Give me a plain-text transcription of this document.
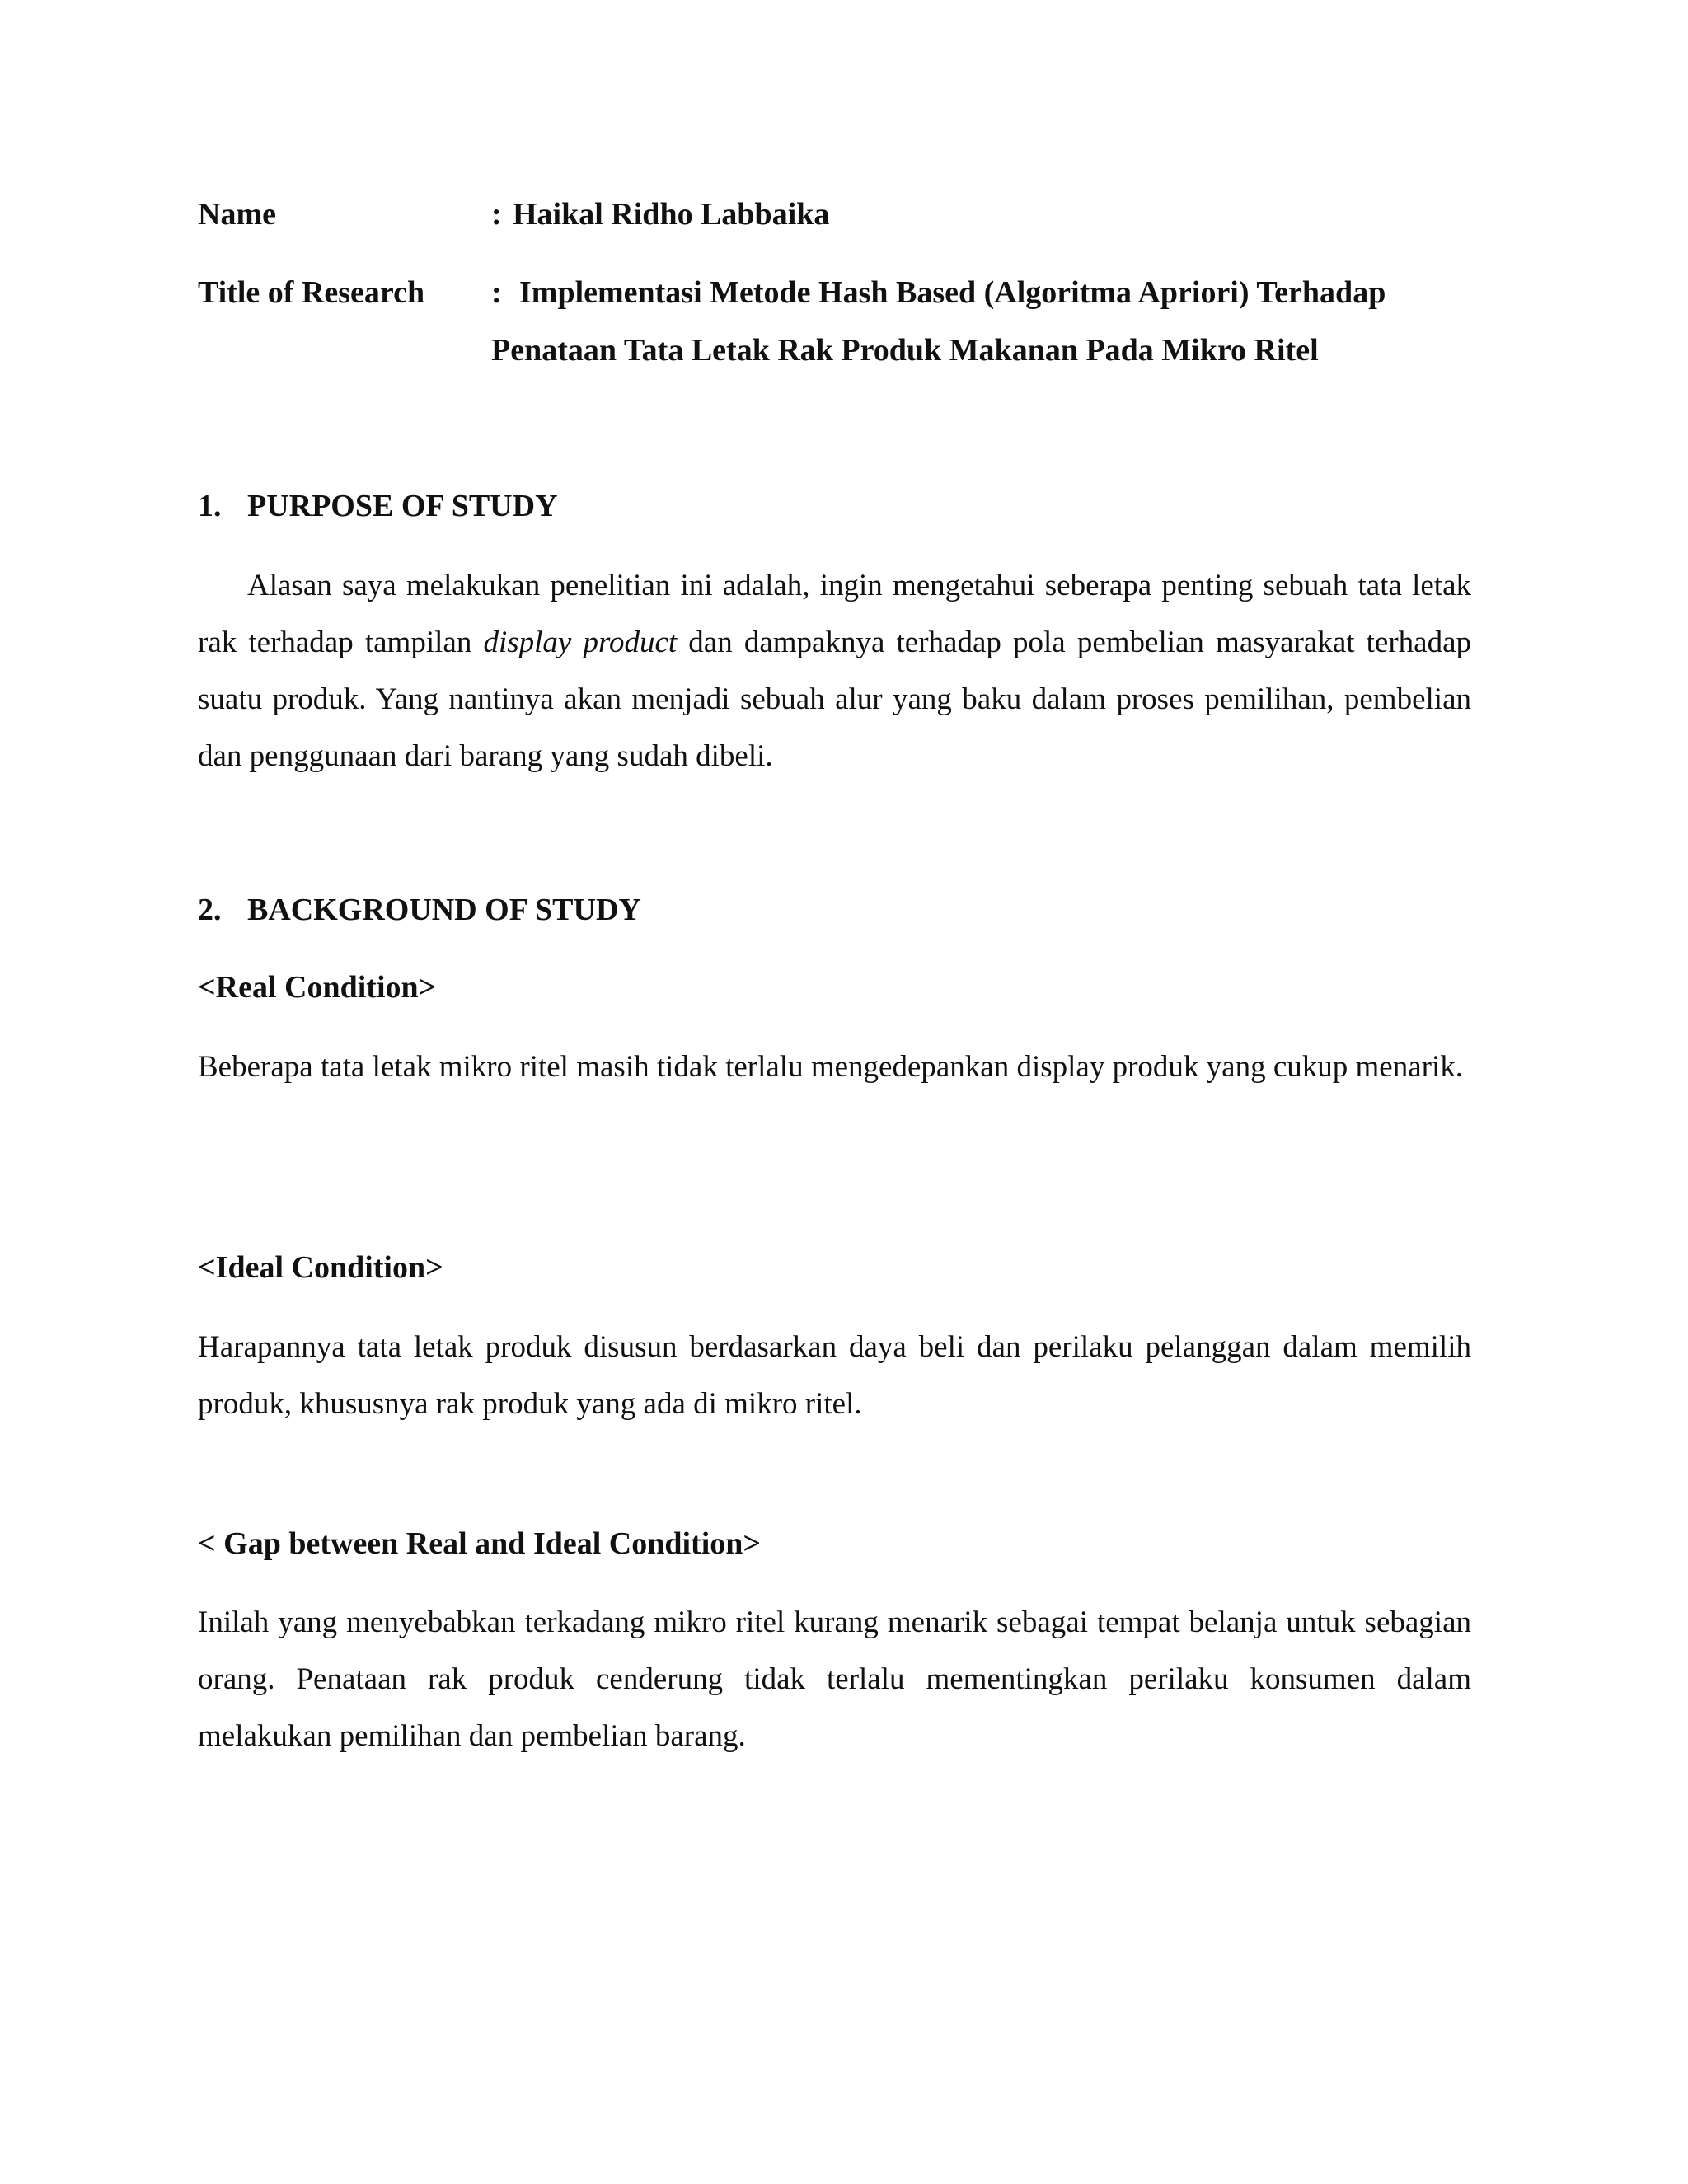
Name	: Haikal Ridho Labbaika

Title of Research : Implementasi Metode Hash Based (Algoritma Apriori) Terhadap Penataan Tata Letak Rak Produk Makanan Pada Mikro Ritel

1. PURPOSE OF STUDY

Alasan saya melakukan penelitian ini adalah, ingin mengetahui seberapa penting sebuah tata letak rak terhadap tampilan display product dan dampaknya terhadap pola pembelian masyarakat terhadap suatu produk. Yang nantinya akan menjadi sebuah alur yang baku dalam proses pemilihan, pembelian dan penggunaan dari barang yang sudah dibeli.

2. BACKGROUND OF STUDY

<Real Condition>

Beberapa tata letak mikro ritel masih tidak terlalu mengedepankan display produk yang cukup menarik.

<Ideal Condition>

Harapannya tata letak produk disusun berdasarkan daya beli dan perilaku pelanggan dalam memilih produk, khususnya rak produk yang ada di mikro ritel.

< Gap between Real and Ideal Condition>

Inilah yang menyebabkan terkadang mikro ritel kurang menarik sebagai tempat belanja untuk sebagian orang. Penataan rak produk cenderung tidak terlalu mementingkan perilaku konsumen dalam melakukan pemilihan dan pembelian barang.
